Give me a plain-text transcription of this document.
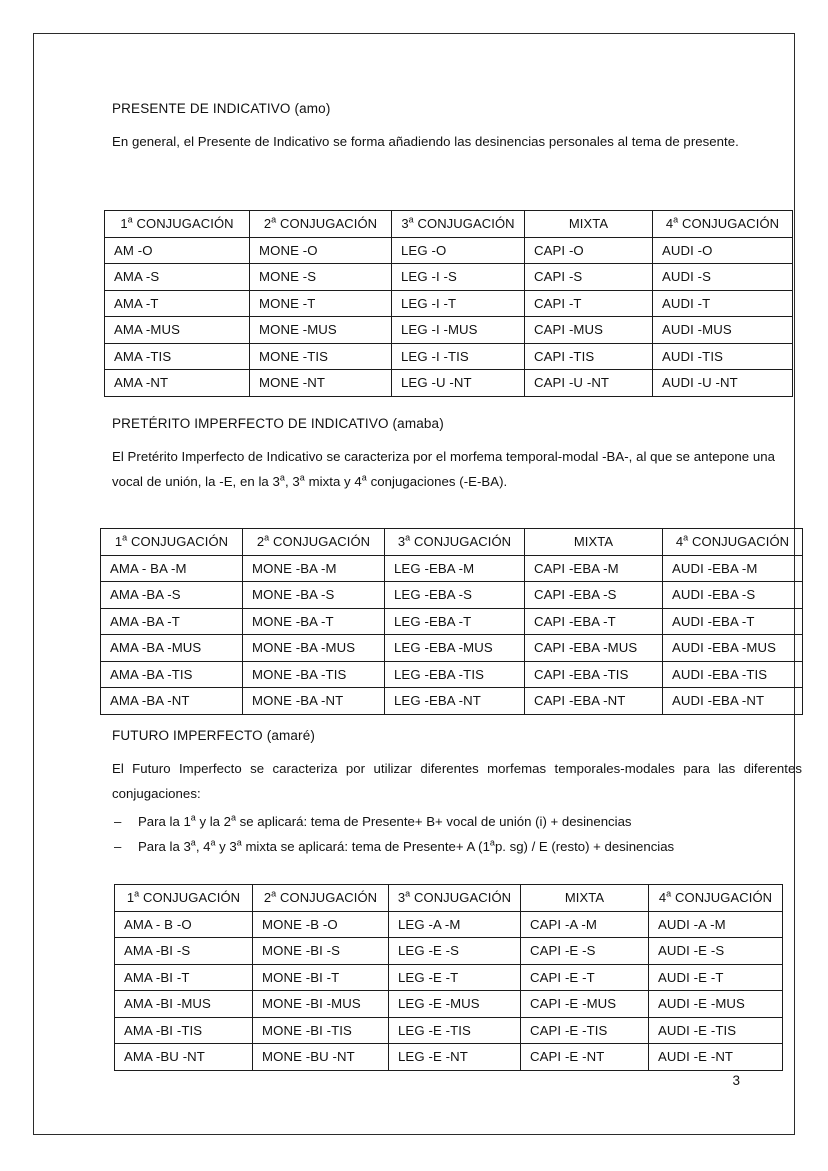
PRESENTE DE INDICATIVO (amo)

En general, el Presente de Indicativo se forma añadiendo las desinencias personales al tema de presente.

1$^a$ CONJUGACIÓN	2$^a$ CONJUGACIÓN	3$^a$ CONJUGACIÓN	MIXTA	4$^a$ CONJUGACIÓN
AM -O	MONE -O	LEG -O	CAPI -O	AUDI -O
AMA -S	MONE -S	LEG -I -S	CAPI -S	AUDI -S
AMA -T	MONE -T	LEG -I -T	CAPI -T	AUDI -T
AMA -MUS	MONE -MUS	LEG -I -MUS	CAPI -MUS	AUDI -MUS
AMA -TIS	MONE -TIS	LEG -I -TIS	CAPI -TIS	AUDI -TIS
AMA -NT	MONE -NT	LEG -U -NT	CAPI -U -NT	AUDI -U -NT
PRETÉRITO IMPERFECTO DE INDICATIVO (amaba)

El Pretérito Imperfecto de Indicativo se caracteriza por el morfema temporal-modal -BA-, al que se antepone una vocal de unión, la -E, en la 3$^a$, 3$^a$ mixta y 4$^a$ conjugaciones (-E-BA).

1$^a$ CONJUGACIÓN	2$^a$ CONJUGACIÓN	3$^a$ CONJUGACIÓN	MIXTA	4$^a$ CONJUGACIÓN
AMA - BA -M	MONE -BA -M	LEG -EBA -M	CAPI -EBA -M	AUDI -EBA -M
AMA -BA -S	MONE -BA -S	LEG -EBA -S	CAPI -EBA -S	AUDI -EBA -S
AMA -BA -T	MONE -BA -T	LEG -EBA -T	CAPI -EBA -T	AUDI -EBA -T
AMA -BA -MUS	MONE -BA -MUS	LEG -EBA -MUS	CAPI -EBA -MUS	AUDI -EBA -MUS
AMA -BA -TIS	MONE -BA -TIS	LEG -EBA -TIS	CAPI -EBA -TIS	AUDI -EBA -TIS
AMA -BA -NT	MONE -BA -NT	LEG -EBA -NT	CAPI -EBA -NT	AUDI -EBA -NT
FUTURO IMPERFECTO (amaré)

El Futuro Imperfecto se caracteriza por utilizar diferentes morfemas temporales-modales para las diferentes conjugaciones:

– Para la 1$^a$ y la 2$^a$ se aplicará: tema de Presente+ B+ vocal de unión (i) + desinencias
– Para la 3$^a$, 4$^a$ y 3$^a$ mixta se aplicará: tema de Presente+ A (1$^a$p. sg) / E (resto) + desinencias
1$^a$ CONJUGACIÓN	2$^a$ CONJUGACIÓN	3$^a$ CONJUGACIÓN	MIXTA	4$^a$ CONJUGACIÓN
AMA - B -O	MONE -B -O	LEG -A -M	CAPI -A -M	AUDI -A -M
AMA -BI -S	MONE -BI -S	LEG -E -S	CAPI -E -S	AUDI -E -S
AMA -BI -T	MONE -BI -T	LEG -E -T	CAPI -E -T	AUDI -E -T
AMA -BI -MUS	MONE -BI -MUS	LEG -E -MUS	CAPI -E -MUS	AUDI -E -MUS
AMA -BI -TIS	MONE -BI -TIS	LEG -E -TIS	CAPI -E -TIS	AUDI -E -TIS
AMA -BU -NT	MONE -BU -NT	LEG -E -NT	CAPI -E -NT	AUDI -E -NT
3
